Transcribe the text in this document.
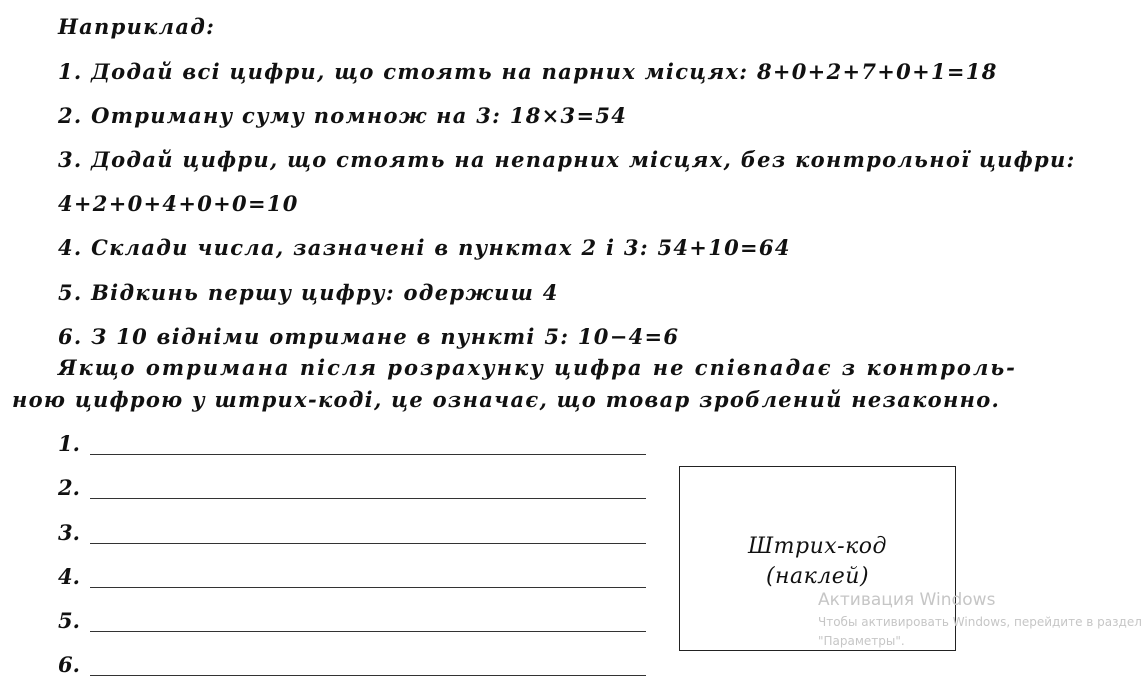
Наприклад:
1. Додай всі цифри, що стоять на парних місцях: 8+0+2+7+0+1=18
2. Отриману суму помнож на 3: 18×3=54
3. Додай цифри, що стоять на непарних місцях, без контрольної цифри:
4+2+0+4+0+0=10
4. Склади числа, зазначені в пунктах 2 і 3: 54+10=64
5. Відкинь першу цифру: одержиш 4
6. З 10 відніми отримане в пункті 5: 10−4=6
Якщо отримана після розрахунку цифра не співпадає з контроль-
ною цифрою у штрих-коді, це означає, що товар зроблений незаконно.
1.
2.
3.
4.
5.
6.
Штрих-код
(наклей)
Активация Windows
Чтобы активировать Windows, перейдите в раздел
"Параметры".
